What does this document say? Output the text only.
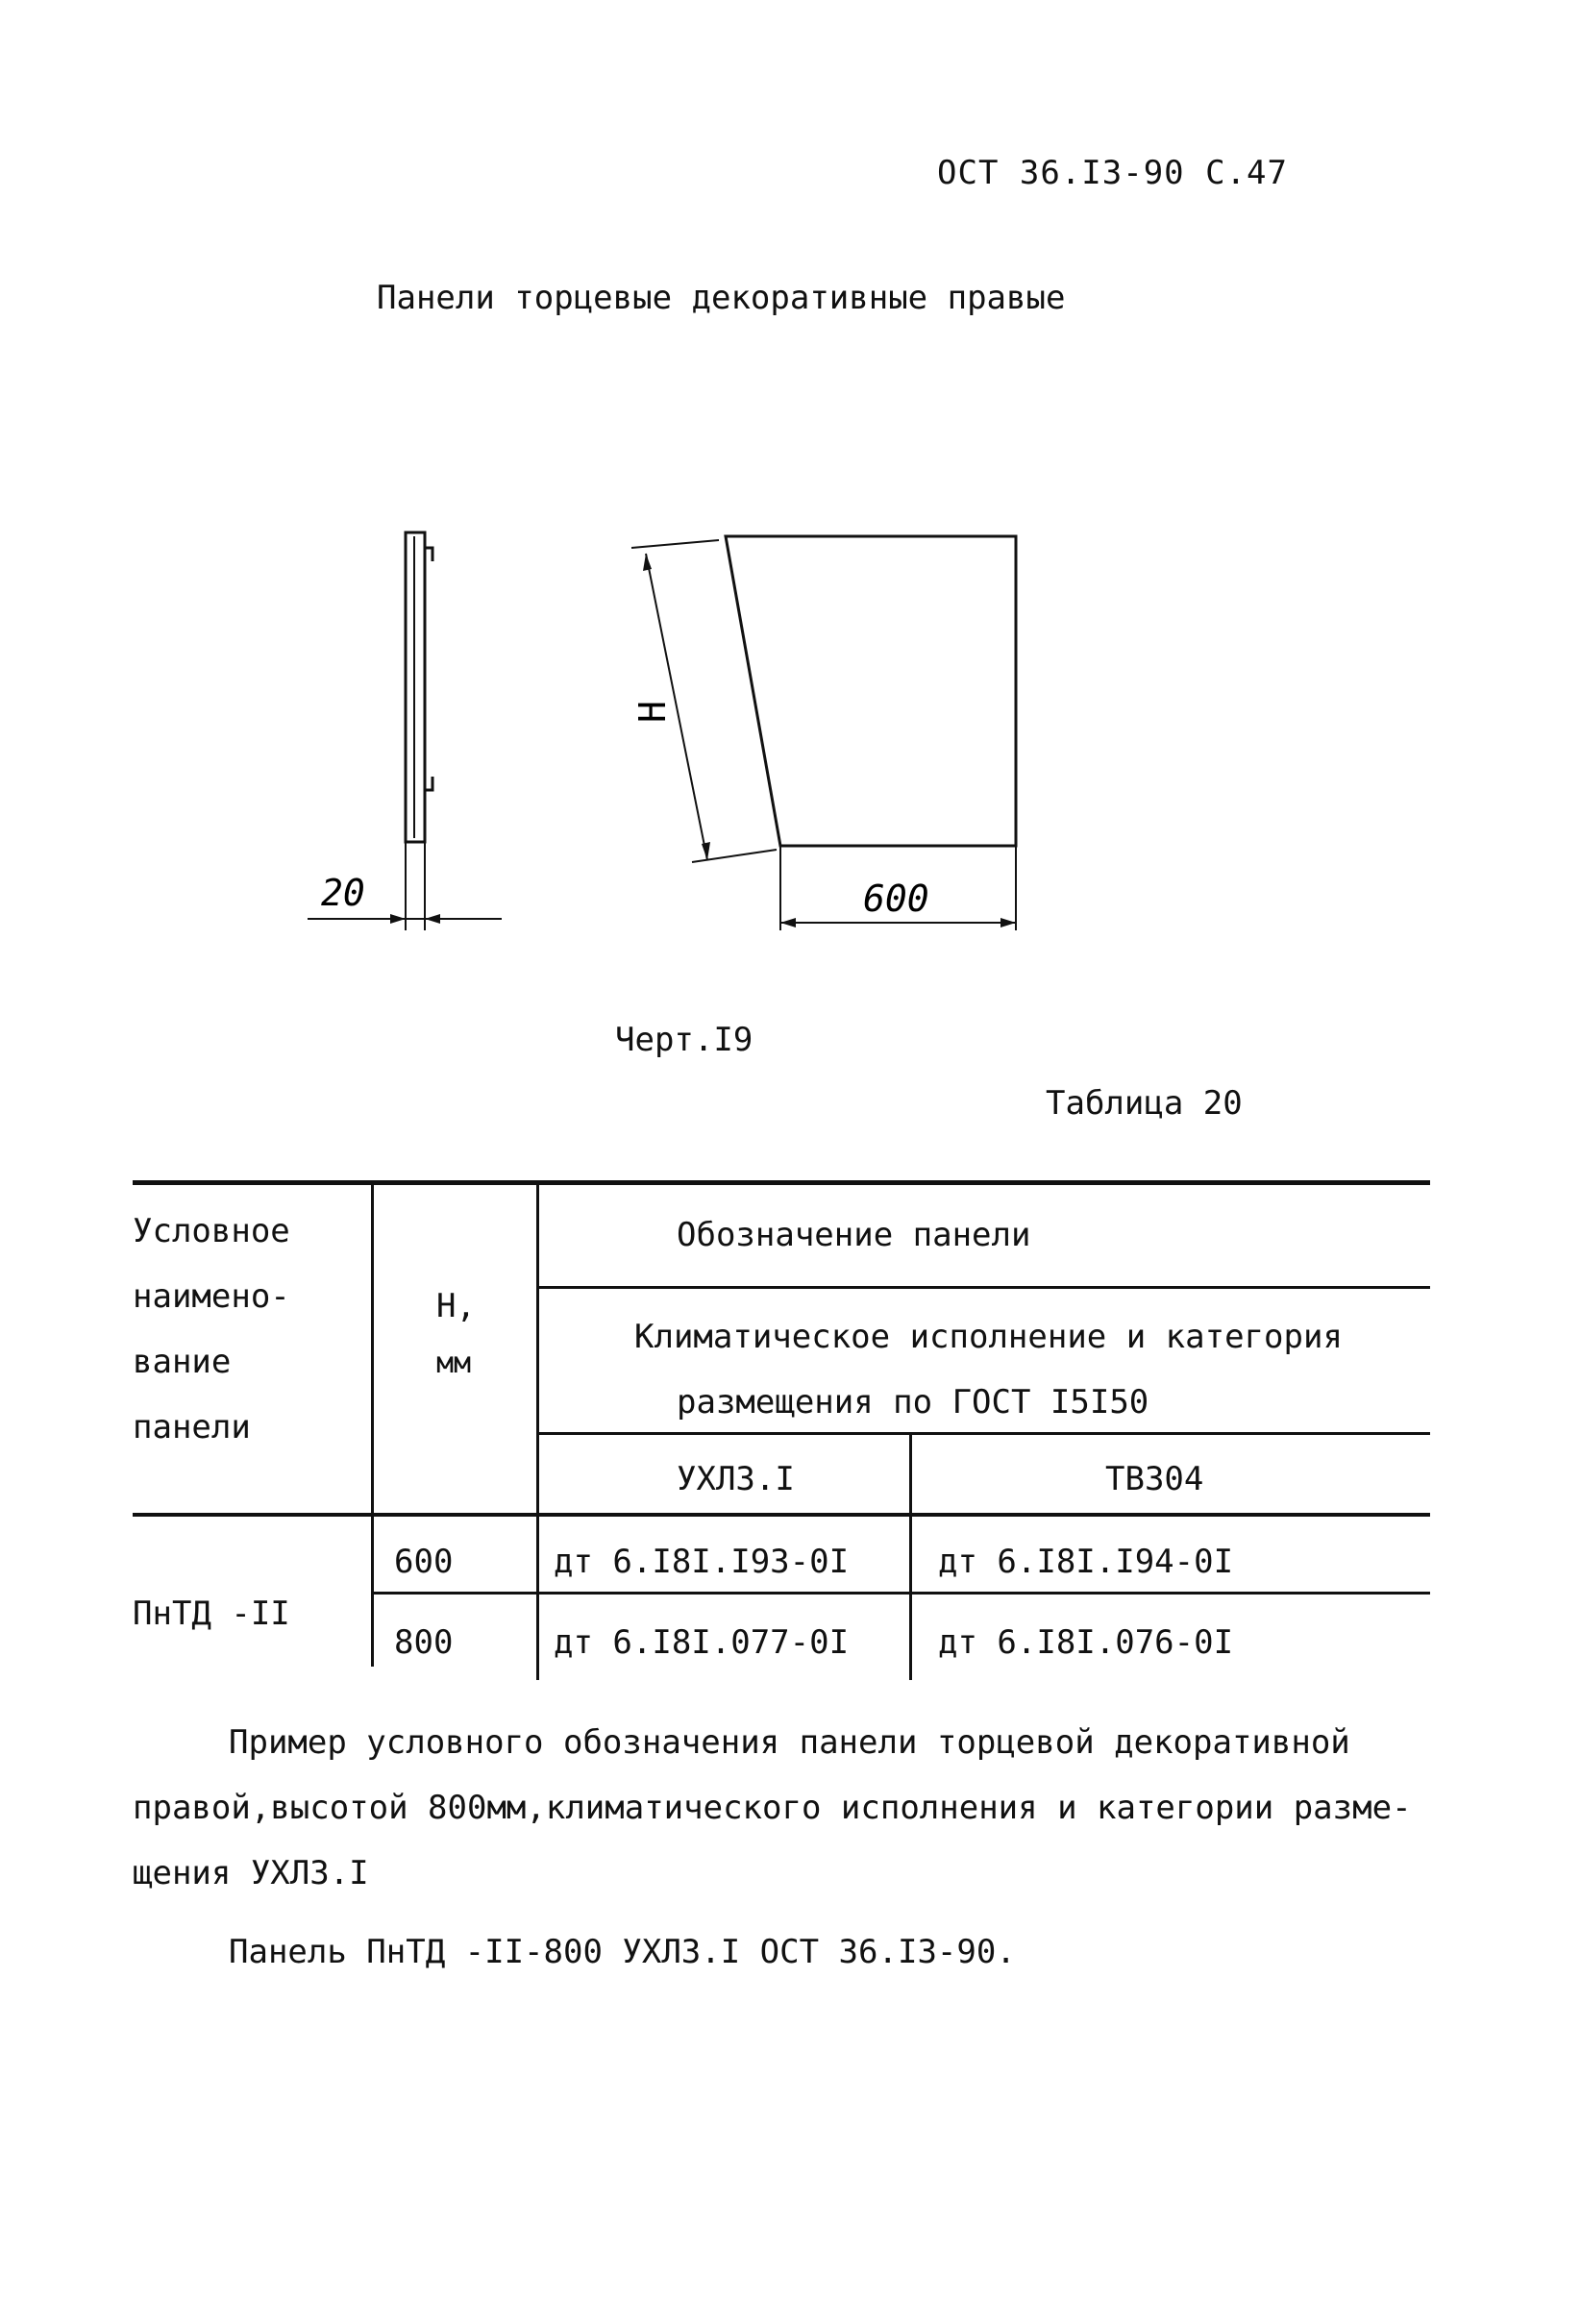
ОСТ 36.I3-90 С.47
Панели торцевые декоративные правые
20	600
Н
Черт.I9
Таблица 20
Условное
наимено-
вание
панели
Н,
мм
Обозначение панели
Климатическое исполнение и категория
размещения по ГОСТ I5I50
УХЛ3.I	ТВ304
ПнТД -II
600	дт 6.I8I.I93-0I	дт 6.I8I.I94-0I
800	дт 6.I8I.077-0I	дт 6.I8I.076-0I
Пример условного обозначения панели торцевой декоративной
правой,высотой 800мм,климатического исполнения и категории разме-
щения УХЛ3.I
Панель ПнТД -II-800 УХЛ3.I ОСТ 36.I3-90.
